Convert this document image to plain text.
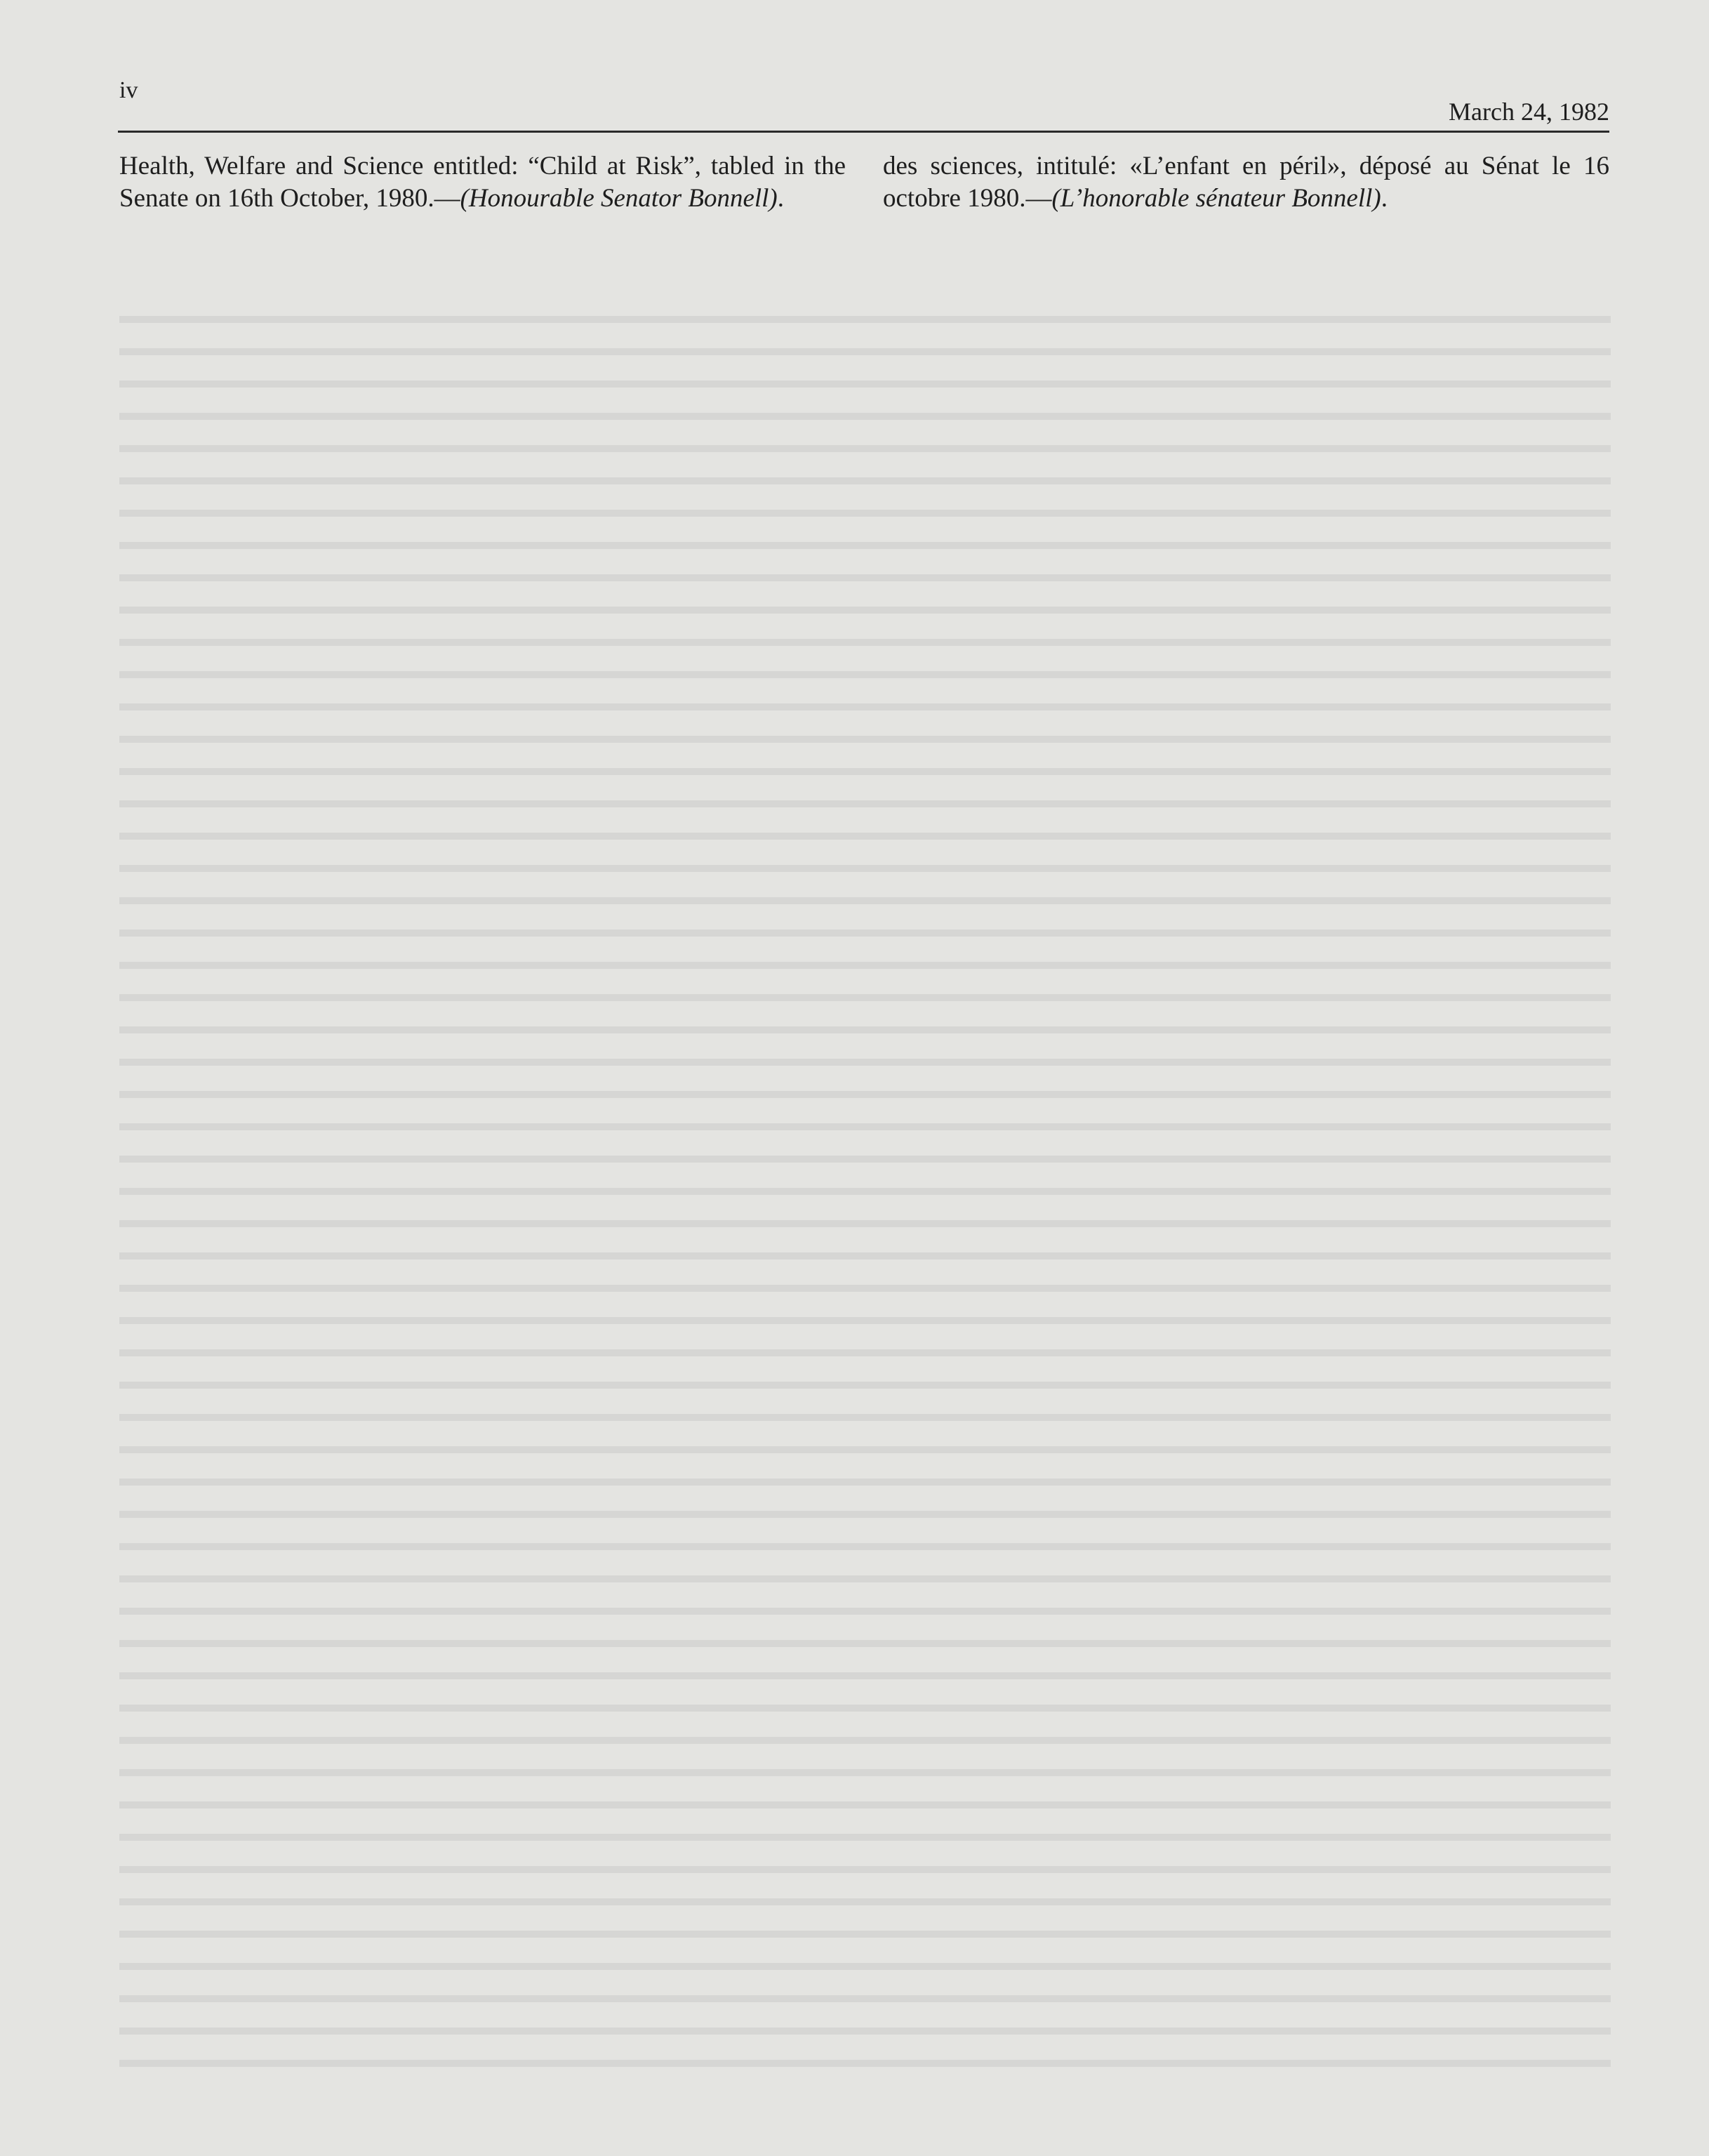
iv
March 24, 1982

Health, Welfare and Science entitled: “Child at Risk”, tabled in the Senate on 16th October, 1980.—(Honourable Senator Bonnell).

des sciences, intitulé: «L’enfant en péril», déposé au Sénat le 16 octobre 1980.—(L’honorable sénateur Bonnell).
